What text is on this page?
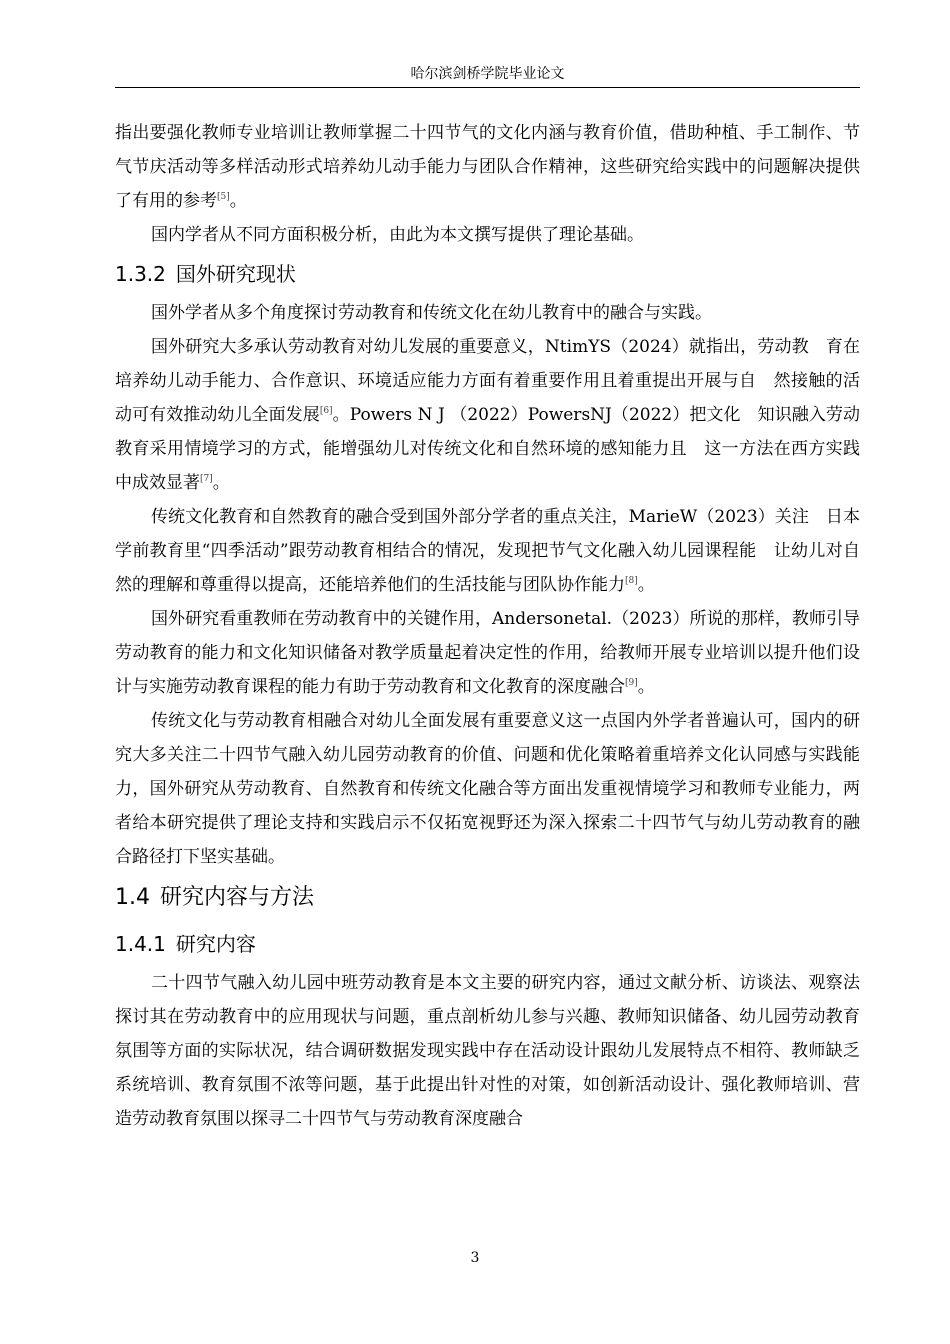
哈尔滨剑桥学院毕业论文

指出要强化教师专业培训让教师掌握二十四节气的文化内涵与教育价值，借助种植、手工制作、节气节庆活动等多样活动形式培养幼儿动手能力与团队合作精神，这些研究给实践中的问题解决提供了有用的参考[5]。

国内学者从不同方面积极分析，由此为本文撰写提供了理论基础。

1.3.2 国外研究现状

国外学者从多个角度探讨劳动教育和传统文化在幼儿教育中的融合与实践。

国外研究大多承认劳动教育对幼儿发展的重要意义，NtimYS（2024）就指出，劳动教　育在培养幼儿动手能力、合作意识、环境适应能力方面有着重要作用且着重提出开展与自　然接触的活动可有效推动幼儿全面发展[6]。Powers N J （2022）PowersNJ（2022）把文化　知识融入劳动教育采用情境学习的方式，能增强幼儿对传统文化和自然环境的感知能力且　这一方法在西方实践中成效显著[7]。

传统文化教育和自然教育的融合受到国外部分学者的重点关注，MarieW（2023）关注　日本学前教育里“四季活动”跟劳动教育相结合的情况，发现把节气文化融入幼儿园课程能　让幼儿对自然的理解和尊重得以提高，还能培养他们的生活技能与团队协作能力[8]。

国外研究看重教师在劳动教育中的关键作用，Andersonetal.（2023）所说的那样，教师引导劳动教育的能力和文化知识储备对教学质量起着决定性的作用，给教师开展专业培训以提升他们设计与实施劳动教育课程的能力有助于劳动教育和文化教育的深度融合[9]。

传统文化与劳动教育相融合对幼儿全面发展有重要意义这一点国内外学者普遍认可，国内的研究大多关注二十四节气融入幼儿园劳动教育的价值、问题和优化策略着重培养文化认同感与实践能力，国外研究从劳动教育、自然教育和传统文化融合等方面出发重视情境学习和教师专业能力，两者给本研究提供了理论支持和实践启示不仅拓宽视野还为深入探索二十四节气与幼儿劳动教育的融合路径打下坚实基础。

1.4 研究内容与方法
1.4.1 研究内容

二十四节气融入幼儿园中班劳动教育是本文主要的研究内容，通过文献分析、访谈法、观察法探讨其在劳动教育中的应用现状与问题，重点剖析幼儿参与兴趣、教师知识储备、幼儿园劳动教育氛围等方面的实际状况，结合调研数据发现实践中存在活动设计跟幼儿发展特点不相符、教师缺乏系统培训、教育氛围不浓等问题，基于此提出针对性的对策，如创新活动设计、强化教师培训、营造劳动教育氛围以探寻二十四节气与劳动教育深度融合

3
